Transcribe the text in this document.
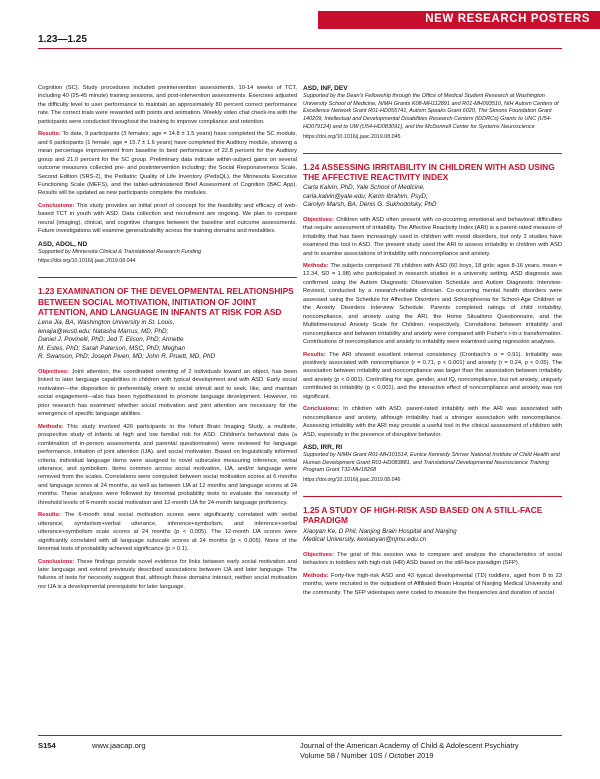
NEW RESEARCH POSTERS
1.23—1.25

Cognition (SC). Study procedures included preintervention assessments, 10-14 weeks of TCT, including 40 (25-45 minute) training sessions, and post-intervention assessments. Exercises adjusted the difficulty level to user performance to maintain an approximately 80 percent correct performance rate. The correct trials were rewarded with points and animation. Weekly video chat check-ins with the participants were conducted throughout the training to improve compliance and retention.

Results: To date, 9 participants (3 females; age = 14.8 ± 1.5 years) have completed the SC module, and 6 participants (1 female; age = 15.7 ± 1.6 years) have completed the Auditory module, showing a mean percentage improvement from baseline to best performance of 22.8 percent for the Auditory group and 21.0 percent for the SC group. Preliminary data indicate within-subject gains on several outcome measures collected pre- and postintervention including: the Social Responsiveness Scale, Second Edition (SRS-2), the Pediatric Quality of Life Inventory (PedsQL), the Minnesota Executive Functioning Scale (MEFS), and the tablet-administered Brief Assessment of Cognition (BAC App). Results will be updated as new participants complete the modules.

Conclusions: This study provides an initial proof of concept for the feasibility and efficacy of web-based TCT in youth with ASD. Data collection and recruitment are ongoing. We plan to compare neural (imaging), clinical, and cognitive changes between the baseline and outcome assessments. Future investigations will examine generalizability across the training domains and modalities.

ASD, ADOL, ND

Supported by Minnesota Clinical & Translational Research Funding

https://doi.org/10.1016/j.jaac.2019.08.044

1.23 EXAMINATION OF THE DEVELOPMENTAL RELATIONSHIPS BETWEEN SOCIAL MOTIVATION, INITIATION OF JOINT ATTENTION, AND LANGUAGE IN INFANTS AT RISK FOR ASD

Lena Jia, BA, Washington University in St. Louis,

lenajia@wustl.edu; Natasha Marrus, MD, PhD;

Daniel J. Povinelli, PhD; Jed T. Elison, PhD; Annette

M. Estes, PhD; Sarah Paterson, MSC, PhD; Meghan

R. Swanson, PhD; Joseph Piven, MD; John R. Pruett, MD, PhD

Objectives: Joint attention, the coordinated orienting of 2 individuals toward an object, has been linked to later language capabilities in children with typical development and with ASD. Early social motivation—the disposition to preferentially orient to social stimuli and to seek, like, and maintain social engagement—also has been hypothesized to promote language development. However, no prior research has examined whether social motivation and joint attention are necessary for the emergence of specific language abilities.

Methods: This study involved 426 participants in the Infant Brain Imaging Study, a multisite, prospective study of infants at high and low familial risk for ASD. Children's behavioral data (a combination of in-person assessments and parental questionnaires) were reviewed for language performance, initiation of joint attention (IJA), and social motivation. Based on linguistically informed criteria, individual language items were assigned to novel subscales measuring inference, verbal utterance, and symbolism. Items common across social motivation, IJA, and/or language were removed from the scales. Correlations were computed between social motivation scores at 6 months and language scores at 24 months, as well as between IJA at 12 months and language scores at 24 months. These analyses were followed by binomial probability tests to evaluate the necessity of threshold levels of 6-month social motivation and 12-month IJA for 24-month language proficiency.

Results: The 6-month total social motivation scores were significantly correlated with verbal utterance, symbolism+verbal utterance, inference+symbolism, and inference+verbal utterance+symbolism scale scores at 24 months (p < 0.005). The 12-month IJA scores were significantly correlated with all language subscale scores at 24 months (p < 0.005). None of the binomial tests of probability achieved significance (p > 0.1).

Conclusions: These findings provide novel evidence for links between early social motivation and later language and extend previously described associations between IJA and later language. The failures of tests for necessity suggest that, although these domains interact, neither social motivation nor IJA is a developmental prerequisite for later language.

ASD, INF, DEV

Supported by the Dean's Fellowship through the Office of Medical Student Research at Washington University School of Medicine, NIMH Grants K08-MH112891 and R01-MH093510, NIH Autism Centers of Excellence Network Grant R01-HD055741, Autism Speaks Grant 6020, The Simons Foundation Grant 140209, Intellectual and Developmental Disabilities Research Centers (IDDRCs) Grants to UNC (U54-HD079124) and to UW (U54-HD083091), and the McDonnell Center for Systems Neuroscience

https://doi.org/10.1016/j.jaac.2019.08.045

1.24 ASSESSING IRRITABILITY IN CHILDREN WITH ASD USING THE AFFECTIVE REACTIVITY INDEX

Carla Kalvin, PhD, Yale School of Medicine,

carla.kalvin@yale.edu; Karim Ibrahim, PsyD;

Carolyn Marsh, BA; Denis G. Sukhodolsky, PhD

Objectives: Children with ASD often present with co-occurring emotional and behavioral difficulties that require assessment of irritability. The Affective Reactivity Index (ARI) is a parent-rated measure of irritability that has been increasingly used in children with mood disorders, but only 2 studies have examined this tool in ASD. The present study used the ARI to assess irritability in children with ASD and to examine associations of irritability with noncompliance and anxiety.

Methods: The subjects comprised 78 children with ASD (60 boys, 18 girls; ages 8-16 years, mean = 12.34, SD = 1.98) who participated in research studies in a university setting. ASD diagnosis was confirmed using the Autism Diagnostic Observation Schedule and Autism Diagnostic Interview-Revised, conducted by a research-reliable clinician. Co-occurring mental health disorders were assessed using the Schedule for Affective Disorders and Schizophrenia for School-Age Children or the Anxiety Disorders Interview Schedule. Parents completed ratings of child irritability, noncompliance, and anxiety using the ARI, the Home Situations Questionnaire, and the Multidimensional Anxiety Scale for Children, respectively. Correlations between irritability and noncompliance and between irritability and anxiety were compared with Fisher's r-to-z transformation. Contributions of noncompliance and anxiety to irritability were examined using regression analyses.

Results: The ARI showed excellent internal consistency (Cronbach's α = 0.91). Irritability was positively associated with noncompliance (r = 0.71, p < 0.001) and anxiety (r = 0.24, p < 0.05). The association between irritability and noncompliance was larger than the association between irritability and anxiety (p < 0.001). Controlling for age, gender, and IQ, noncompliance, but not anxiety, uniquely contributed to irritability (p < 0.001), and the interactive effect of noncompliance and anxiety was not significant.

Conclusions: In children with ASD, parent-rated irritability with the ARI was associated with noncompliance and anxiety, although irritability had a stronger association with noncompliance. Assessing irritability with the ARI may provide a useful tool in the clinical assessment of children with ASD, especially in the presence of disruptive behavior.

ASD, IRR, RI

Supported by NIMH Grant R01-MH101514, Eunice Kennedy Shriver National Institute of Child Health and Human Development Grant R01-HD083881, and Translational Developmental Neuroscience Training Program Grant T32-MH18268

https://doi.org/10.1016/j.jaac.2019.08.046

1.25 A STUDY OF HIGH-RISK ASD BASED ON A STILL-FACE PARADIGM

Xiaoyan Ke, D Phil, Nanjing Brain Hospital and Nanjing

Medical University, kexiaoyan@njmu.edu.cn

Objectives: The goal of this session was to compare and analyze the characteristics of social behaviors in toddlers with high-risk (HR) ASD based on the still-face paradigm (SFP).

Methods: Forty-five high-risk ASD and 43 typical developmental (TD) toddlers, aged from 8 to 23 months, were recruited in the outpatient of Affiliated Brain Hospital of Nanjing Medical University and the community. The SFP videotapes were coded to measure the frequencies and duration of social

S154	www.jaacap.org	Journal of the American Academy of Child & Adolescent Psychiatry
Volume 58 / Number 10S / October 2019
